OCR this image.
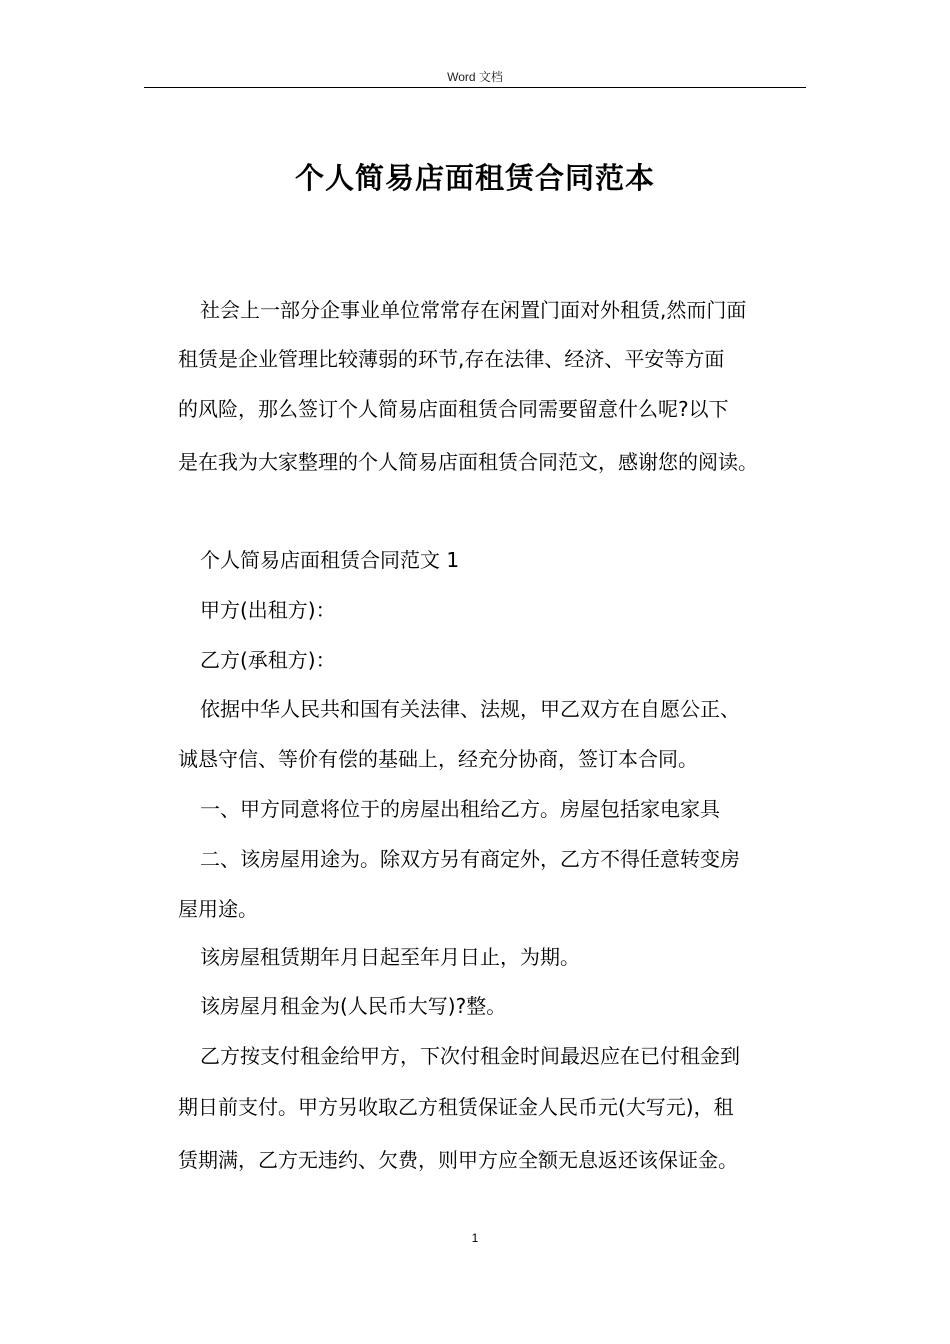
Word 文档
个人简易店面租赁合同范本
社会上一部分企事业单位常常存在闲置门面对外租赁,然而门面
租赁是企业管理比较薄弱的环节,存在法律、经济、平安等方面
的风险，那么签订个人简易店面租赁合同需要留意什么呢?以下
是在我为大家整理的个人简易店面租赁合同范文，感谢您的阅读。
个人简易店面租赁合同范文 1
甲方(出租方)：
乙方(承租方)：
依据中华人民共和国有关法律、法规，甲乙双方在自愿公正、
诚恳守信、等价有偿的基础上，经充分协商，签订本合同。
一、甲方同意将位于的房屋出租给乙方。房屋包括家电家具
二、该房屋用途为。除双方另有商定外，乙方不得任意转变房
屋用途。
该房屋租赁期年月日起至年月日止，为期。
该房屋月租金为(人民币大写)?整。
乙方按支付租金给甲方，下次付租金时间最迟应在已付租金到
期日前支付。甲方另收取乙方租赁保证金人民币元(大写元)，租
赁期满，乙方无违约、欠费，则甲方应全额无息返还该保证金。
1
